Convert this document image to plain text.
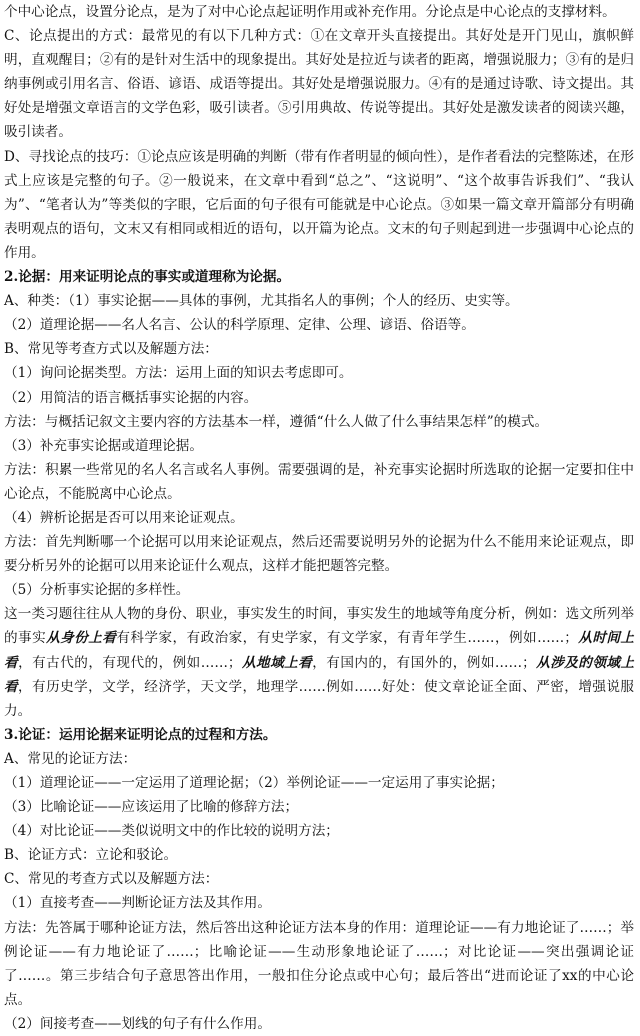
个中心论点，设置分论点，是为了对中心论点起证明作用或补充作用。分论点是中心论点的支撑材料。

C、论点提出的方式：最常见的有以下几种方式：①在文章开头直接提出。其好处是开门见山，旗帜鲜明，直观醒目；②有的是针对生活中的现象提出。其好处是拉近与读者的距离，增强说服力；③有的是归纳事例或引用名言、俗语、谚语、成语等提出。其好处是增强说服力。④有的是通过诗歌、诗文提出。其好处是增强文章语言的文学色彩，吸引读者。⑤引用典故、传说等提出。其好处是激发读者的阅读兴趣，吸引读者。

D、寻找论点的技巧：①论点应该是明确的判断（带有作者明显的倾向性），是作者看法的完整陈述，在形式上应该是完整的句子。②一般说来，在文章中看到“总之”、“这说明”、“这个故事告诉我们”、“我认为”、“笔者认为”等类似的字眼，它后面的句子很有可能就是中心论点。③如果一篇文章开篇部分有明确表明观点的语句，文末又有相同或相近的语句，以开篇为论点。文末的句子则起到进一步强调中心论点的作用。

2.论据：用来证明论点的事实或道理称为论据。

A、种类：（1）事实论据——具体的事例，尤其指名人的事例；个人的经历、史实等。

（2）道理论据——名人名言、公认的科学原理、定律、公理、谚语、俗语等。

B、常见等考查方式以及解题方法：

（1）询问论据类型。方法：运用上面的知识去考虑即可。

（2）用简洁的语言概括事实论据的内容。

方法：与概括记叙文主要内容的方法基本一样，遵循“什么人做了什么事结果怎样”的模式。

（3）补充事实论据或道理论据。

方法：积累一些常见的名人名言或名人事例。需要强调的是，补充事实论据时所选取的论据一定要扣住中心论点，不能脱离中心论点。

（4）辨析论据是否可以用来论证观点。

方法：首先判断哪一个论据可以用来论证观点，然后还需要说明另外的论据为什么不能用来论证观点，即要分析另外的论据可以用来论证什么观点，这样才能把题答完整。

（5）分析事实论据的多样性。

这一类习题往往从人物的身份、职业，事实发生的时间，事实发生的地域等角度分析，例如：选文所列举的事实从身份上看有科学家，有政治家，有史学家，有文学家，有青年学生……，例如……；从时间上看，有古代的，有现代的，例如……；从地域上看，有国内的，有国外的，例如……；从涉及的领域上看，有历史学，文学，经济学，天文学，地理学……例如……好处：使文章论证全面、严密，增强说服力。

3.论证：运用论据来证明论点的过程和方法。

A、常见的论证方法：

（1）道理论证——一定运用了道理论据；（2）举例论证——一定运用了事实论据；

（3）比喻论证——应该运用了比喻的修辞方法；

（4）对比论证——类似说明文中的作比较的说明方法；

B、论证方式：立论和驳论。

C、常见的考查方式以及解题方法：

（1）直接考查——判断论证方法及其作用。

方法：先答属于哪种论证方法，然后答出这种论证方法本身的作用：道理论证——有力地论证了……；举例论证——有力地论证了……；比喻论证——生动形象地论证了……；对比论证——突出强调论证了……。第三步结合句子意思答出作用，一般扣住分论点或中心句；最后答出“进而论证了xx的中心论点。

（2）间接考查——划线的句子有什么作用。
